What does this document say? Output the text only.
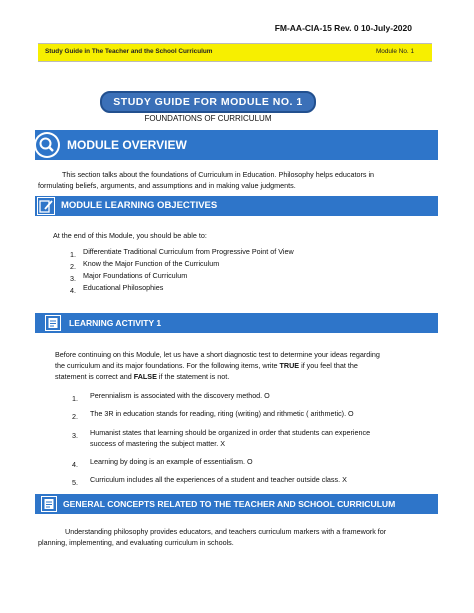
FM-AA-CIA-15 Rev. 0 10-July-2020
Study Guide in The Teacher and the School Curriculum	Module No. 1
STUDY GUIDE FOR MODULE NO. 1
FOUNDATIONS OF CURRICULUM
MODULE OVERVIEW
This section talks about the foundations of Curriculum in Education. Philosophy helps educators in
formulating beliefs, arguments, and assumptions and in making value judgments.
MODULE LEARNING OBJECTIVES
At the end of this Module, you should be able to:
1. Differentiate Traditional Curriculum from Progressive Point of View
2. Know the Major Function of the Curriculum
3. Major Foundations of Curriculum
4. Educational Philosophies
LEARNING ACTIVITY 1
Before continuing on this Module, let us have a short diagnostic test to determine your ideas regarding
the curriculum and its major foundations. For the following items, write TRUE if you feel that the
statement is correct and FALSE if the statement is not.
1. Perennialism is associated with the discovery method. O
2. The 3R in education stands for reading, riting (writing) and rithmetic ( arithmetic). O
3. Humanist states that learning should be organized in order that students can experience
success of mastering the subject matter. X
4. Learning by doing is an example of essentialism. O
5. Curriculum includes all the experiences of a student and teacher outside class. X
GENERAL CONCEPTS RELATED TO THE TEACHER AND SCHOOL CURRICULUM
Understanding philosophy provides educators, and teachers curriculum markers with a framework for
planning, implementing, and evaluating curriculum in schools.
